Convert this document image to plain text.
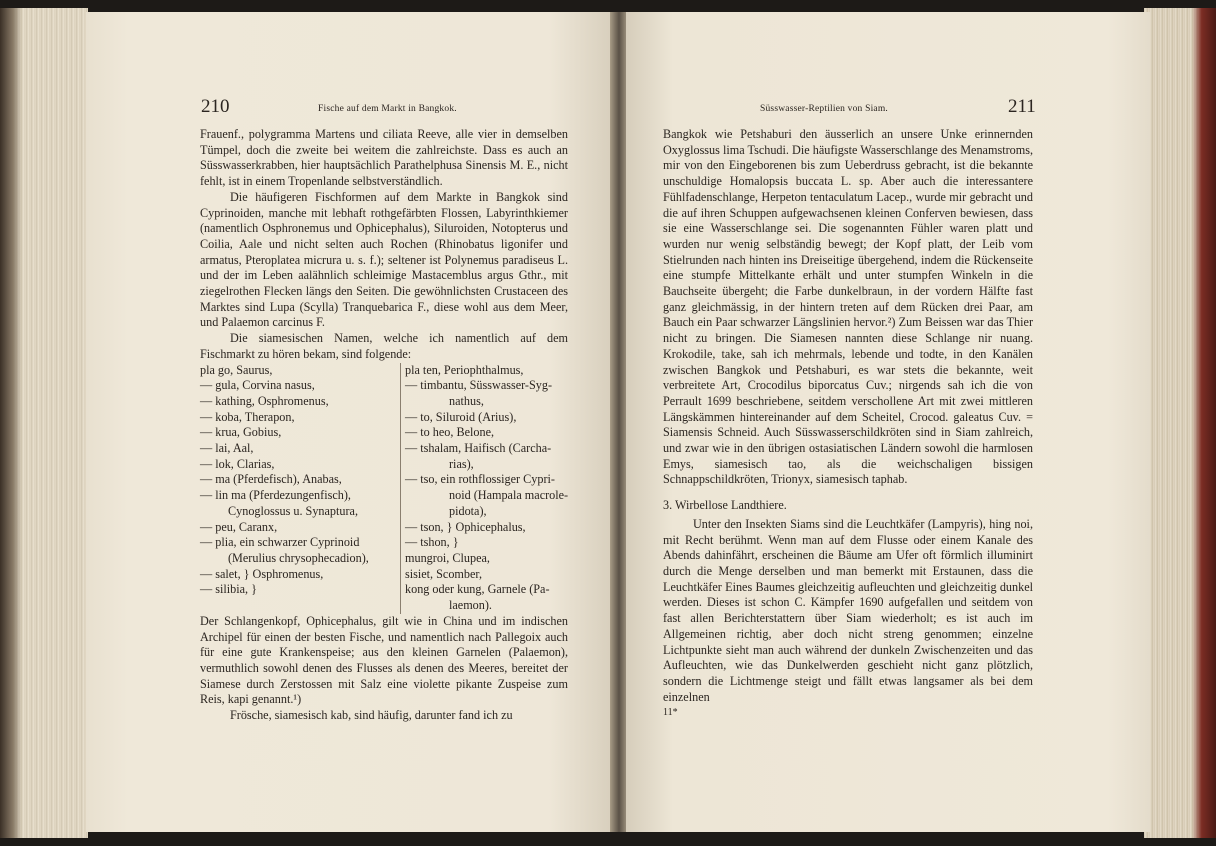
210	Fische auf dem Markt in Bangkok.

Frauenf., polygramma Martens und ciliata Reeve, alle vier in demselben Tümpel, doch die zweite bei weitem die zahlreichste. Dass es auch an Süsswasserkrabben, hier hauptsächlich Parathelphusa Sinensis M. E., nicht fehlt, ist in einem Tropenlande selbstverständlich.

Die häufigeren Fischformen auf dem Markte in Bangkok sind Cyprinoiden, manche mit lebhaft rothgefärbten Flossen, Labyrinthkiemer (namentlich Osphronemus und Ophicephalus), Siluroiden, Notopterus und Coilia, Aale und nicht selten auch Rochen (Rhinobatus ligonifer und armatus, Pteroplatea micrura u. s. f.); seltener ist Polynemus paradiseus L. und der im Leben aalähnlich schleimige Mastacemblus argus Gthr., mit ziegelrothen Flecken längs den Seiten. Die gewöhnlichsten Crustaceen des Marktes sind Lupa (Scylla) Tranquebarica F., diese wohl aus dem Meer, und Palaemon carcinus F.

Die siamesischen Namen, welche ich namentlich auf dem Fischmarkt zu hören bekam, sind folgende:

pla go, Saurus,
— gula, Corvina nasus,
— kathing, Osphromenus,
— koba, Therapon,
— krua, Gobius,
— lai, Aal,
— lok, Clarias,
— ma (Pferdefisch), Anabas,
— lin ma (Pferdezungenfisch),
Cynoglossus u. Synaptura,
— peu, Caranx,
— plia, ein schwarzer Cyprinoid
(Merulius chrysophecadion),
— salet, } Osphromenus,
— silibia, }
pla ten, Periophthalmus,
— timbantu, Süsswasser-Syg-
nathus,
— to, Siluroid (Arius),
— to heo, Belone,
— tshalam, Haifisch (Carcha-
rias),
— tso, ein rothflossiger Cypri-
noid (Hampala macrole-
pidota),
— tson, } Ophicephalus,
— tshon, }
mungroi, Clupea,
sisiet, Scomber,
kong oder kung, Garnele (Pa-
laemon).

Der Schlangenkopf, Ophicephalus, gilt wie in China und im indischen Archipel für einen der besten Fische, und namentlich nach Pallegoix auch für eine gute Krankenspeise; aus den kleinen Garnelen (Palaemon), vermuthlich sowohl denen des Flusses als denen des Meeres, bereitet der Siamese durch Zerstossen mit Salz eine violette pikante Zuspeise zum Reis, kapi genannt.¹)

Frösche, siamesisch kab, sind häufig, darunter fand ich zu

Süsswasser-Reptilien von Siam.	211

Bangkok wie Petshaburi den äusserlich an unsere Unke erinnernden Oxyglossus lima Tschudi. Die häufigste Wasserschlange des Menamstroms, mir von den Eingeborenen bis zum Ueberdruss gebracht, ist die bekannte unschuldige Homalopsis buccata L. sp. Aber auch die interessantere Fühlfadenschlange, Herpeton tentaculatum Lacep., wurde mir gebracht und die auf ihren Schuppen aufgewachsenen kleinen Conferven bewiesen, dass sie eine Wasserschlange sei. Die sogenannten Fühler waren platt und wurden nur wenig selbständig bewegt; der Kopf platt, der Leib vom Stielrunden nach hinten ins Dreiseitige übergehend, indem die Rückenseite eine stumpfe Mittelkante erhält und unter stumpfen Winkeln in die Bauchseite übergeht; die Farbe dunkelbraun, in der vordern Hälfte fast ganz gleichmässig, in der hintern treten auf dem Rücken drei Paar, am Bauch ein Paar schwarzer Längslinien hervor.²) Zum Beissen war das Thier nicht zu bringen. Die Siamesen nannten diese Schlange nir nuang. Krokodile, take, sah ich mehrmals, lebende und todte, in den Kanälen zwischen Bangkok und Petshaburi, es war stets die bekannte, weit verbreitete Art, Crocodilus biporcatus Cuv.; nirgends sah ich die von Perrault 1699 beschriebene, seitdem verschollene Art mit zwei mittleren Längskämmen hintereinander auf dem Scheitel, Crocod. galeatus Cuv. = Siamensis Schneid. Auch Süsswasserschildkröten sind in Siam zahlreich, und zwar wie in den übrigen ostasiatischen Ländern sowohl die harmlosen Emys, siamesisch tao, als die weichschaligen bissigen Schnappschildkröten, Trionyx, siamesisch taphab.

3. Wirbellose Landthiere.

Unter den Insekten Siams sind die Leuchtkäfer (Lampyris), hing noi, mit Recht berühmt. Wenn man auf dem Flusse oder einem Kanale des Abends dahinfährt, erscheinen die Bäume am Ufer oft förmlich illuminirt durch die Menge derselben und man bemerkt mit Erstaunen, dass die Leuchtkäfer Eines Baumes gleichzeitig aufleuchten und gleichzeitig dunkel werden. Dieses ist schon C. Kämpfer 1690 aufgefallen und seitdem von fast allen Berichterstattern über Siam wiederholt; es ist auch im Allgemeinen richtig, aber doch nicht streng genommen; einzelne Lichtpunkte sieht man auch während der dunkeln Zwischenzeiten und das Aufleuchten, wie das Dunkelwerden geschieht nicht ganz plötzlich, sondern die Lichtmenge steigt und fällt etwas langsamer als bei dem einzelnen

11*
